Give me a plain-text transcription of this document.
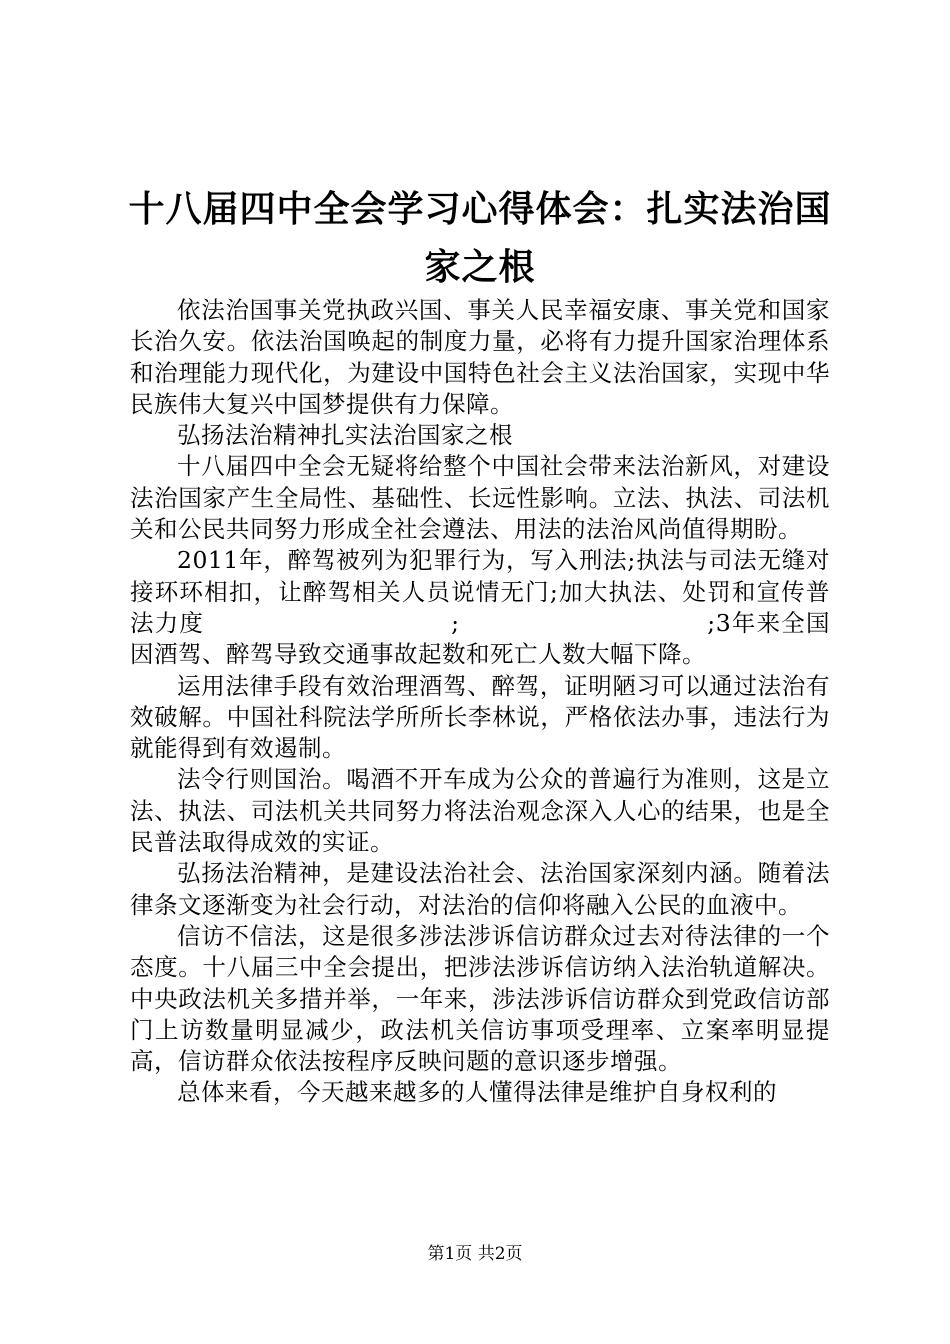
十八届四中全会学习心得体会：扎实法治国家之根

依法治国事关党执政兴国、事关人民幸福安康、事关党和国家长治久安。依法治国唤起的制度力量，必将有力提升国家治理体系和治理能力现代化，为建设中国特色社会主义法治国家，实现中华民族伟大复兴中国梦提供有力保障。

弘扬法治精神扎实法治国家之根

十八届四中全会无疑将给整个中国社会带来法治新风，对建设法治国家产生全局性、基础性、长远性影响。立法、执法、司法机关和公民共同努力形成全社会遵法、用法的法治风尚值得期盼。

2011年，醉驾被列为犯罪行为，写入刑法;执法与司法无缝对接环环相扣，让醉驾相关人员说情无门;加大执法、处罚和宣传普法力度　　　　　　　　　　;　　　　　　　　　　;3年来全国因酒驾、醉驾导致交通事故起数和死亡人数大幅下降。

运用法律手段有效治理酒驾、醉驾，证明陋习可以通过法治有效破解。中国社科院法学所所长李林说，严格依法办事，违法行为就能得到有效遏制。

法令行则国治。喝酒不开车成为公众的普遍行为准则，这是立法、执法、司法机关共同努力将法治观念深入人心的结果，也是全民普法取得成效的实证。

弘扬法治精神，是建设法治社会、法治国家深刻内涵。随着法律条文逐渐变为社会行动，对法治的信仰将融入公民的血液中。

信访不信法，这是很多涉法涉诉信访群众过去对待法律的一个态度。十八届三中全会提出，把涉法涉诉信访纳入法治轨道解决。中央政法机关多措并举，一年来，涉法涉诉信访群众到党政信访部门上访数量明显减少，政法机关信访事项受理率、立案率明显提高，信访群众依法按程序反映问题的意识逐步增强。

总体来看，今天越来越多的人懂得法律是维护自身权利的

第1页 共2页
